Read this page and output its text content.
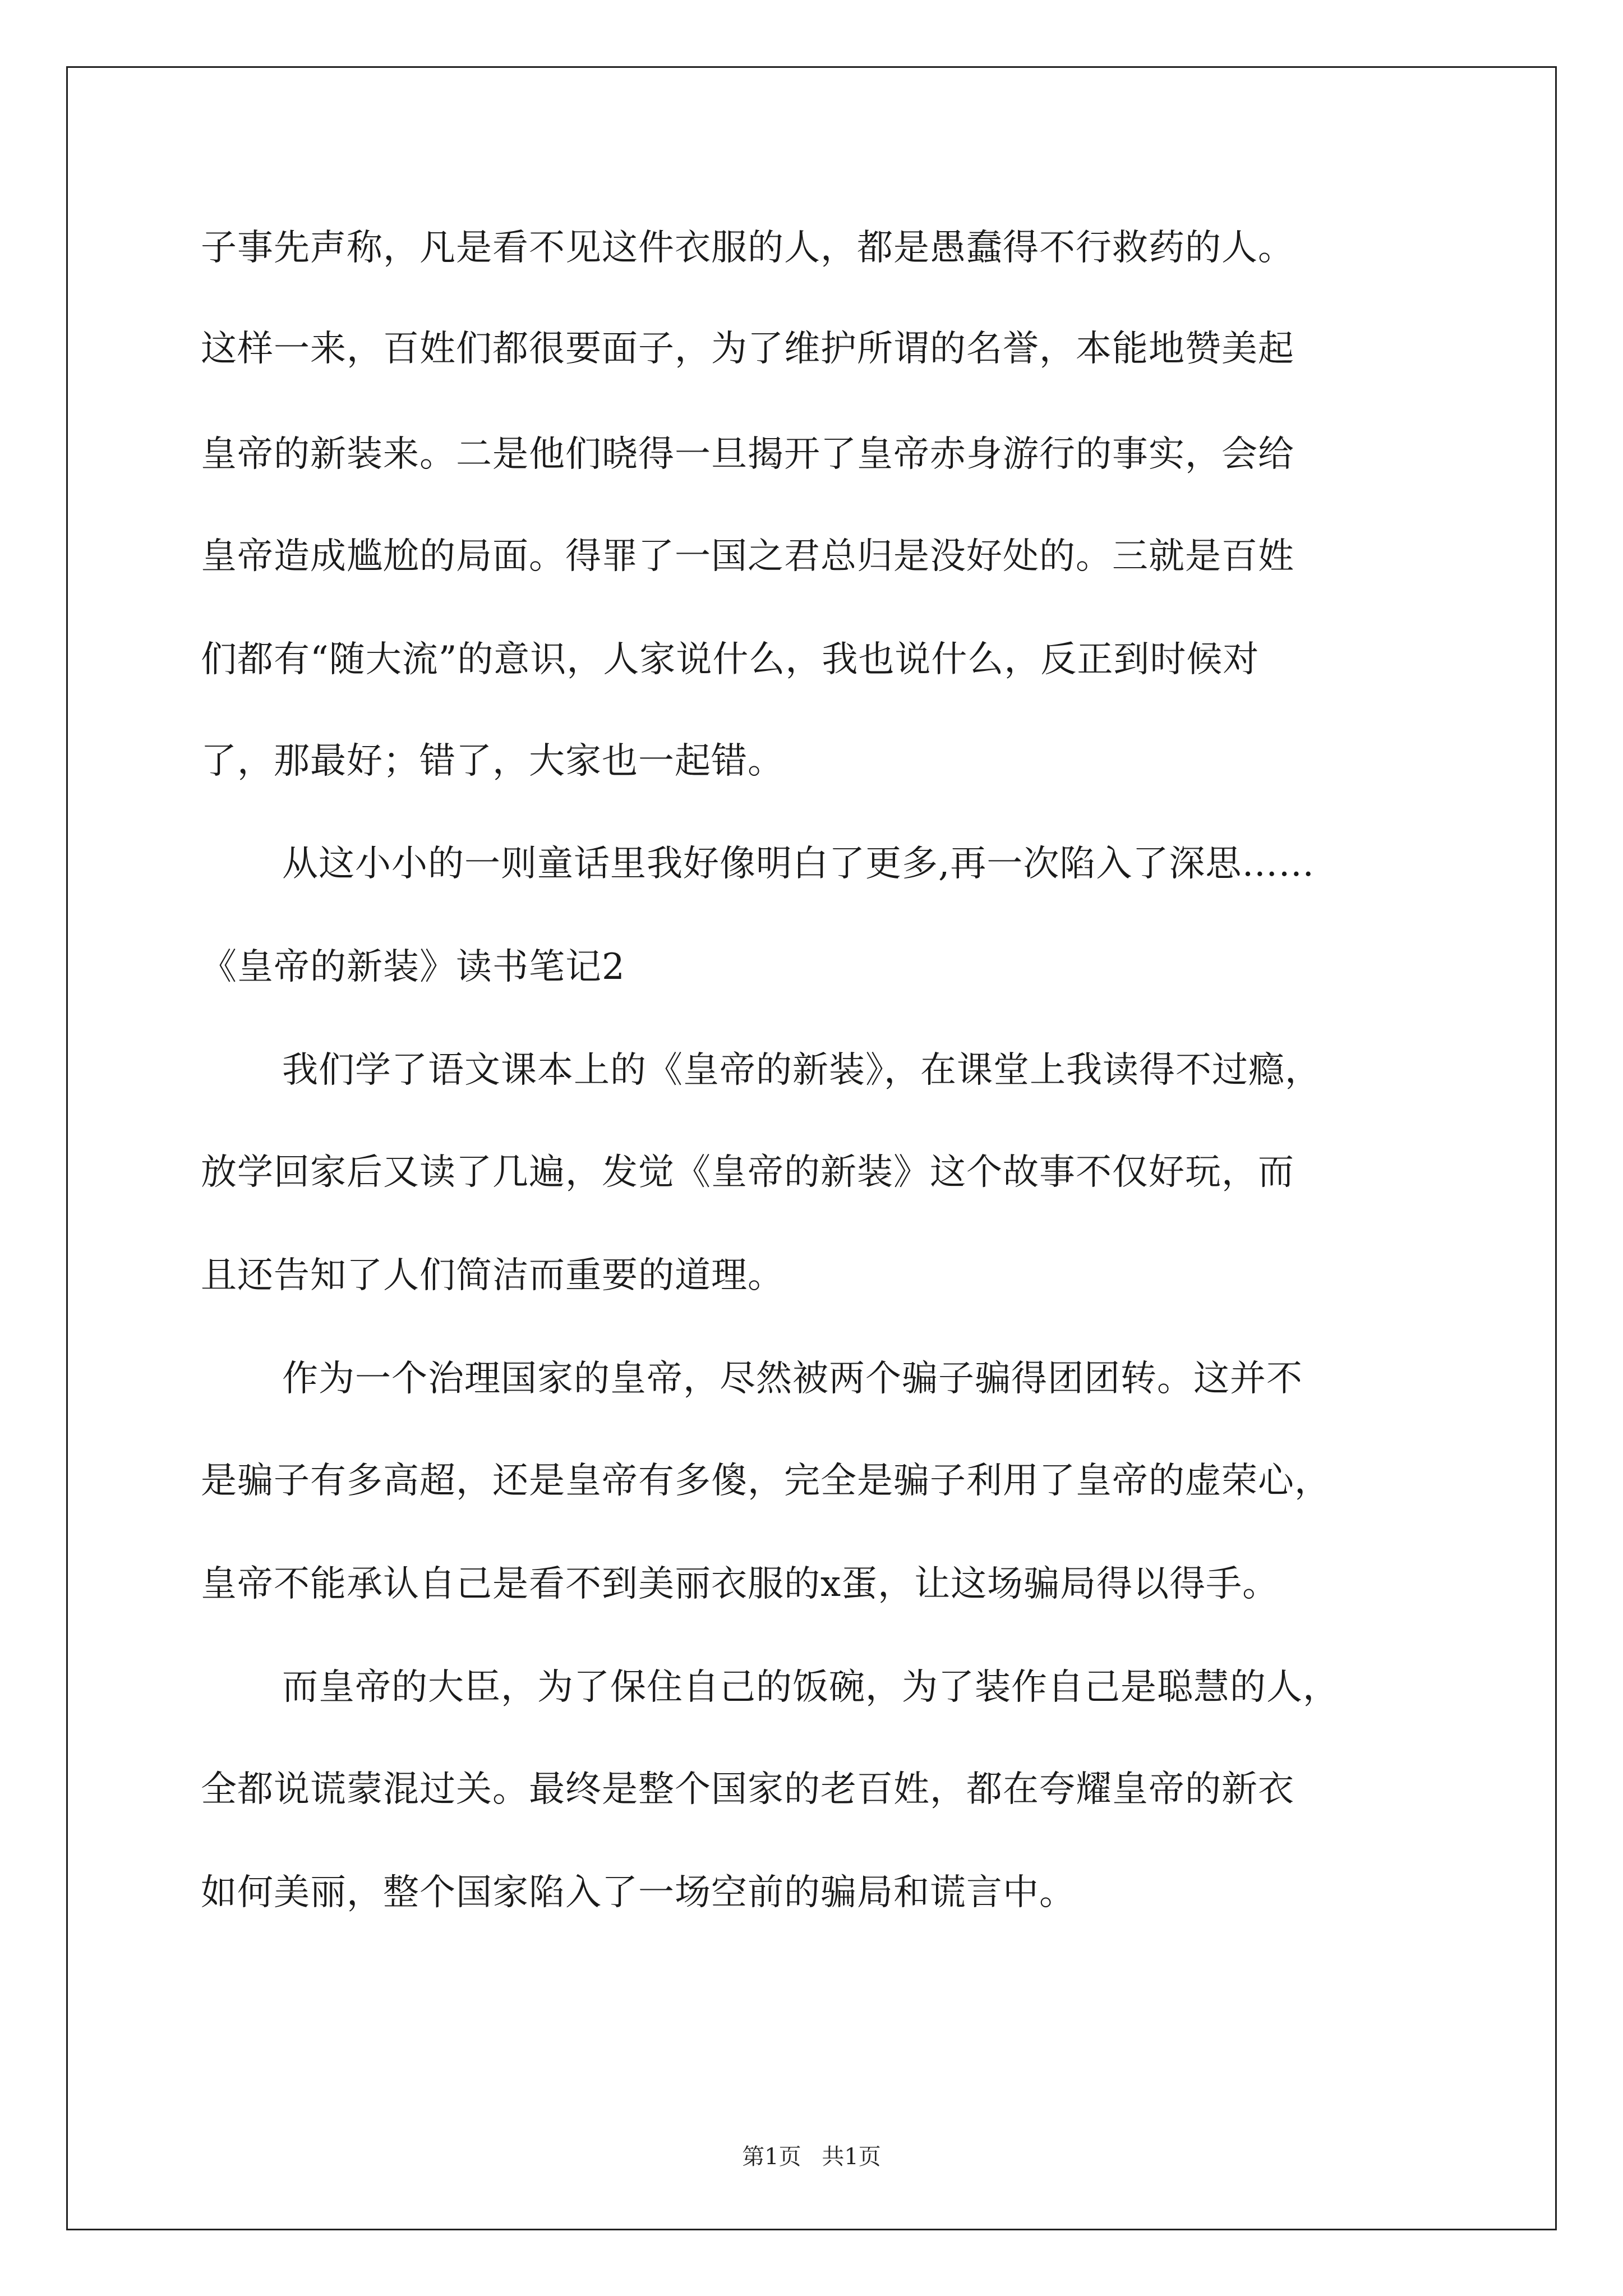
子事先声称，凡是看不见这件衣服的人，都是愚蠢得不行救药的人。
这样一来，百姓们都很要面子，为了维护所谓的名誉，本能地赞美起
皇帝的新装来。二是他们晓得一旦揭开了皇帝赤身游行的事实，会给
皇帝造成尴尬的局面。得罪了一国之君总归是没好处的。三就是百姓
们都有“随大流”的意识，人家说什么，我也说什么，反正到时候对
了，那最好；错了，大家也一起错。
从这小小的一则童话里我好像明白了更多,再一次陷入了深思……
《皇帝的新装》读书笔记2
我们学了语文课本上的《皇帝的新装》，在课堂上我读得不过瘾，
放学回家后又读了几遍，发觉《皇帝的新装》这个故事不仅好玩，而
且还告知了人们简洁而重要的道理。
作为一个治理国家的皇帝，尽然被两个骗子骗得团团转。这并不
是骗子有多高超，还是皇帝有多傻，完全是骗子利用了皇帝的虚荣心，
皇帝不能承认自己是看不到美丽衣服的x蛋，让这场骗局得以得手。
而皇帝的大臣，为了保住自己的饭碗，为了装作自己是聪慧的人，
全都说谎蒙混过关。最终是整个国家的老百姓，都在夸耀皇帝的新衣
如何美丽，整个国家陷入了一场空前的骗局和谎言中。
第1页 共1页
